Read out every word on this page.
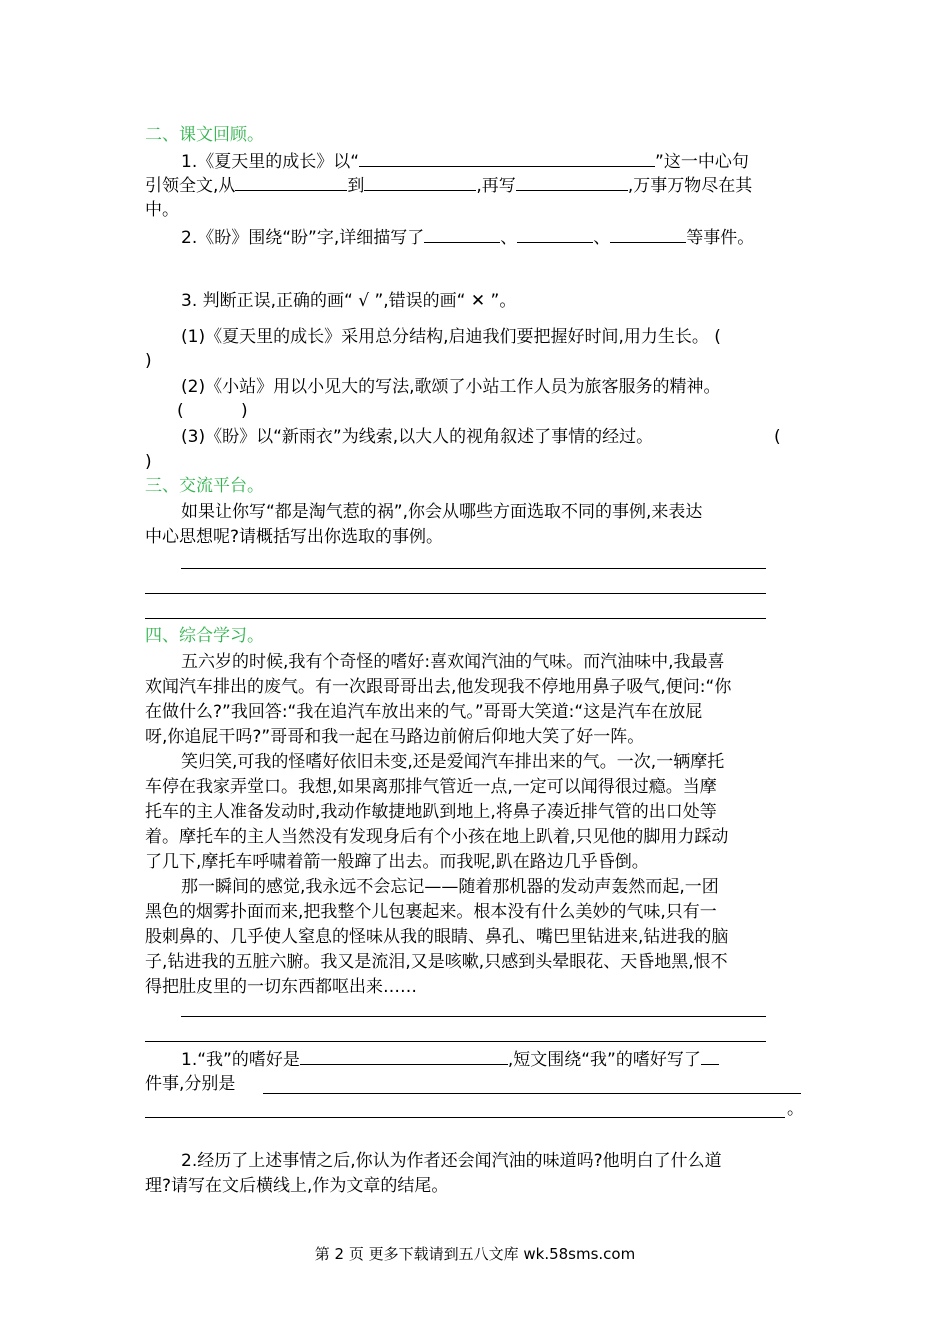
二、课文回顾。
1.《夏天里的成长》以“	”这一中心句
引领全文,从	到	,再写	,万事万物尽在其
中。
2.《盼》围绕“盼”字,详细描写了	、	、	等事件。
3. 判断正误,正确的画“ √ ”,错误的画“ ✕ ”。
(1)《夏天里的成长》采用总分结构,启迪我们要把握好时间,用力生长。 (
)
(2)《小站》用以小见大的写法,歌颂了小站工作人员为旅客服务的精神。
(	)
(3)《盼》以“新雨衣”为线索,以大人的视角叙述了事情的经过。	(
)
三、交流平台。
如果让你写“都是淘气惹的祸”,你会从哪些方面选取不同的事例,来表达
中心思想呢?请概括写出你选取的事例。
四、综合学习。
五六岁的时候,我有个奇怪的嗜好:喜欢闻汽油的气味。而汽油味中,我最喜
欢闻汽车排出的废气。有一次跟哥哥出去,他发现我不停地用鼻子吸气,便问:“你
在做什么?”我回答:“我在追汽车放出来的气。”哥哥大笑道:“这是汽车在放屁
呀,你追屁干吗?”哥哥和我一起在马路边前俯后仰地大笑了好一阵。
笑归笑,可我的怪嗜好依旧未变,还是爱闻汽车排出来的气。一次,一辆摩托
车停在我家弄堂口。我想,如果离那排气管近一点,一定可以闻得很过瘾。当摩
托车的主人准备发动时,我动作敏捷地趴到地上,将鼻子凑近排气管的出口处等
着。摩托车的主人当然没有发现身后有个小孩在地上趴着,只见他的脚用力踩动
了几下,摩托车呼啸着箭一般蹿了出去。而我呢,趴在路边几乎昏倒。
那一瞬间的感觉,我永远不会忘记——随着那机器的发动声轰然而起,一团
黑色的烟雾扑面而来,把我整个儿包裹起来。根本没有什么美妙的气味,只有一
股刺鼻的、几乎使人窒息的怪味从我的眼睛、鼻孔、嘴巴里钻进来,钻进我的脑
子,钻进我的五脏六腑。我又是流泪,又是咳嗽,只感到头晕眼花、天昏地黑,恨不
得把肚皮里的一切东西都呕出来……
1.“我”的嗜好是	,短文围绕“我”的嗜好写了
件事,分别是
。
2.经历了上述事情之后,你认为作者还会闻汽油的味道吗?他明白了什么道
理?请写在文后横线上,作为文章的结尾。
第 2 页 更多下载请到五八文库 wk.58sms.com
